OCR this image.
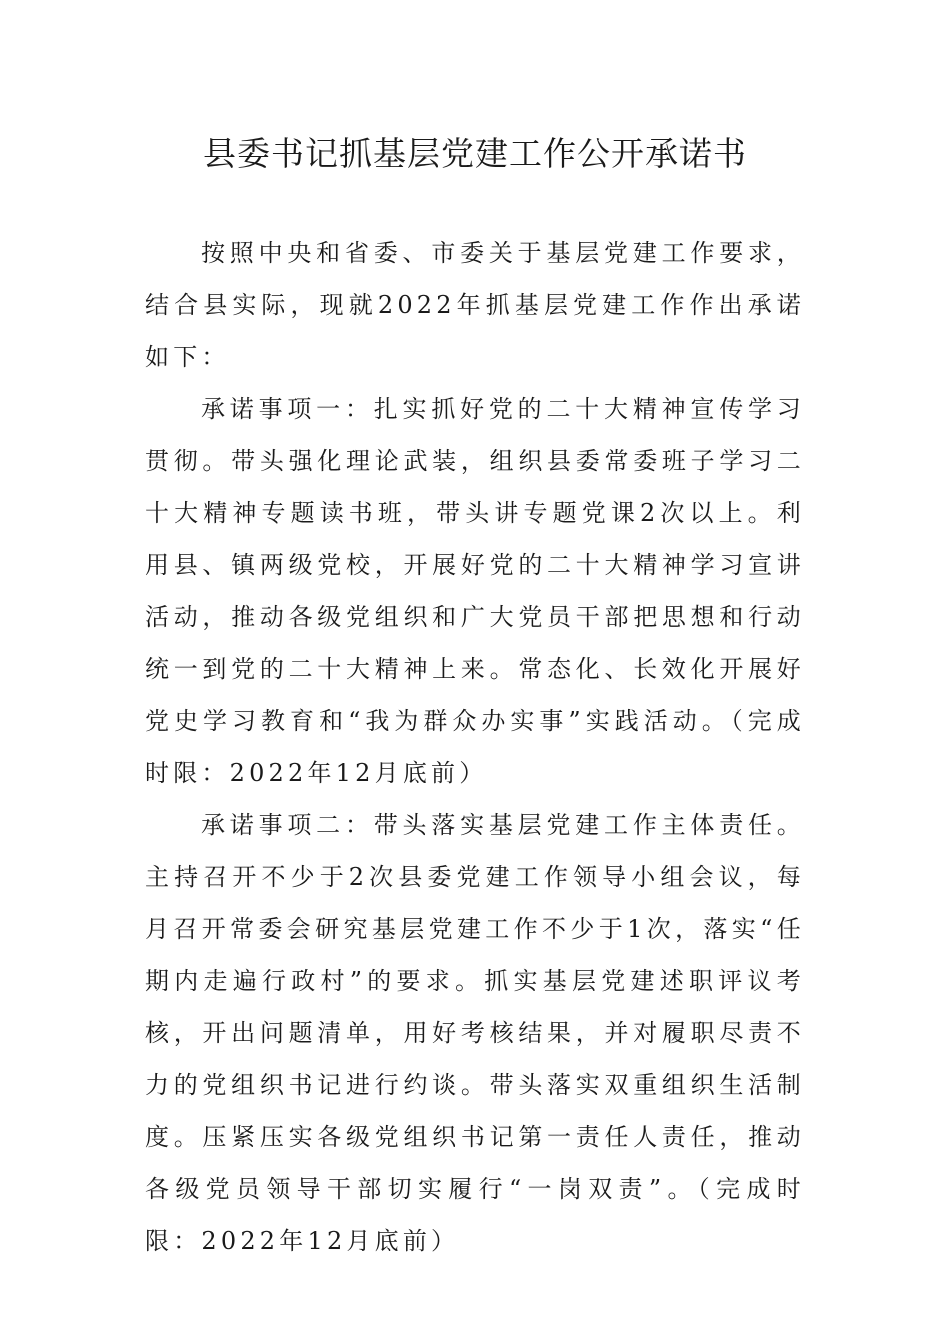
县委书记抓基层党建工作公开承诺书

按照中央和省委、市委关于基层党建工作要求，结合县实际，现就2022年抓基层党建工作作出承诺如下：

承诺事项一：扎实抓好党的二十大精神宣传学习贯彻。带头强化理论武装，组织县委常委班子学习二十大精神专题读书班，带头讲专题党课2次以上。利用县、镇两级党校，开展好党的二十大精神学习宣讲活动，推动各级党组织和广大党员干部把思想和行动统一到党的二十大精神上来。常态化、长效化开展好党史学习教育和“我为群众办实事”实践活动。（完成时限：2022年12月底前）

承诺事项二：带头落实基层党建工作主体责任。主持召开不少于2次县委党建工作领导小组会议，每月召开常委会研究基层党建工作不少于1次，落实“任期内走遍行政村”的要求。抓实基层党建述职评议考核，开出问题清单，用好考核结果，并对履职尽责不力的党组织书记进行约谈。带头落实双重组织生活制度。压紧压实各级党组织书记第一责任人责任，推动各级党员领导干部切实履行“一岗双责”。（完成时限：2022年12月底前）
